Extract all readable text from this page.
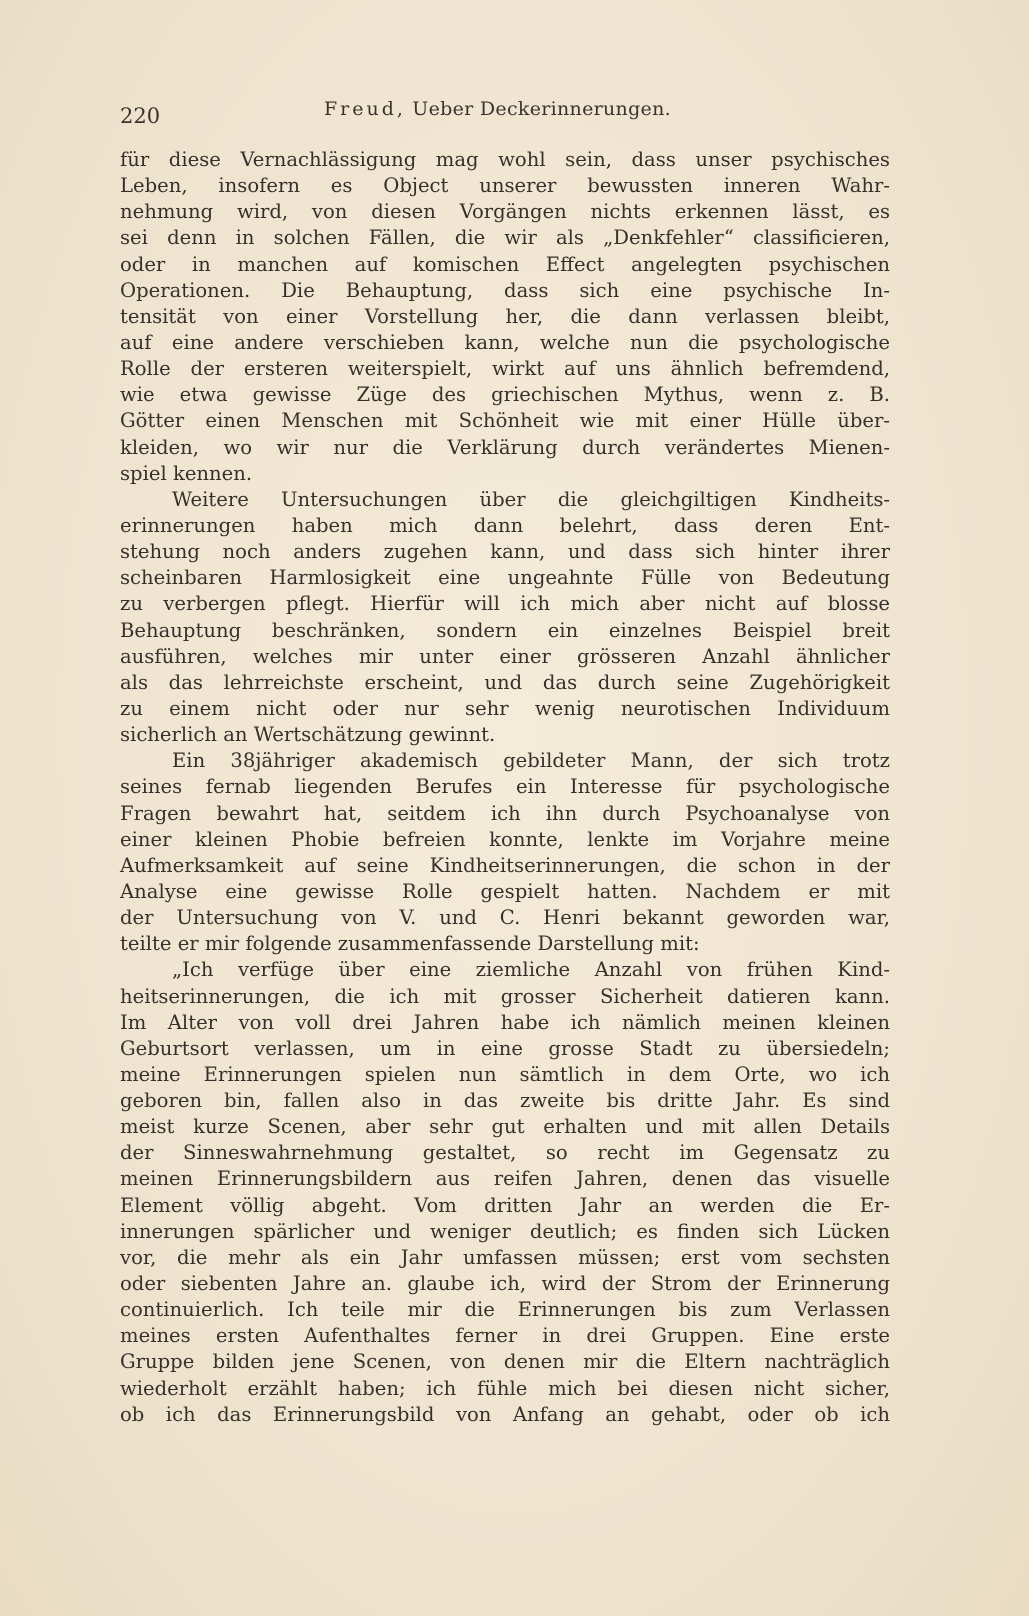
220	Freud, Ueber Deckerinnerungen.
für diese Vernachlässigung mag wohl sein, dass unser psychisches
Leben, insofern es Object unserer bewussten inneren Wahr-
nehmung wird, von diesen Vorgängen nichts erkennen lässt, es
sei denn in solchen Fällen, die wir als „Denkfehler“ classificieren,
oder in manchen auf komischen Effect angelegten psychischen
Operationen. Die Behauptung, dass sich eine psychische In-
tensität von einer Vorstellung her, die dann verlassen bleibt,
auf eine andere verschieben kann, welche nun die psychologische
Rolle der ersteren weiterspielt, wirkt auf uns ähnlich befremdend,
wie etwa gewisse Züge des griechischen Mythus, wenn z. B.
Götter einen Menschen mit Schönheit wie mit einer Hülle über-
kleiden, wo wir nur die Verklärung durch verändertes Mienen-
spiel kennen.
Weitere Untersuchungen über die gleichgiltigen Kindheits-
erinnerungen haben mich dann belehrt, dass deren Ent-
stehung noch anders zugehen kann, und dass sich hinter ihrer
scheinbaren Harmlosigkeit eine ungeahnte Fülle von Bedeutung
zu verbergen pflegt. Hierfür will ich mich aber nicht auf blosse
Behauptung beschränken, sondern ein einzelnes Beispiel breit
ausführen, welches mir unter einer grösseren Anzahl ähnlicher
als das lehrreichste erscheint, und das durch seine Zugehörigkeit
zu einem nicht oder nur sehr wenig neurotischen Individuum
sicherlich an Wertschätzung gewinnt.
Ein 38jähriger akademisch gebildeter Mann, der sich trotz
seines fernab liegenden Berufes ein Interesse für psychologische
Fragen bewahrt hat, seitdem ich ihn durch Psychoanalyse von
einer kleinen Phobie befreien konnte, lenkte im Vorjahre meine
Aufmerksamkeit auf seine Kindheitserinnerungen, die schon in der
Analyse eine gewisse Rolle gespielt hatten. Nachdem er mit
der Untersuchung von V. und C. Henri bekannt geworden war,
teilte er mir folgende zusammenfassende Darstellung mit:
„Ich verfüge über eine ziemliche Anzahl von frühen Kind-
heitserinnerungen, die ich mit grosser Sicherheit datieren kann.
Im Alter von voll drei Jahren habe ich nämlich meinen kleinen
Geburtsort verlassen, um in eine grosse Stadt zu übersiedeln;
meine Erinnerungen spielen nun sämtlich in dem Orte, wo ich
geboren bin, fallen also in das zweite bis dritte Jahr. Es sind
meist kurze Scenen, aber sehr gut erhalten und mit allen Details
der Sinneswahrnehmung gestaltet, so recht im Gegensatz zu
meinen Erinnerungsbildern aus reifen Jahren, denen das visuelle
Element völlig abgeht. Vom dritten Jahr an werden die Er-
innerungen spärlicher und weniger deutlich; es finden sich Lücken
vor, die mehr als ein Jahr umfassen müssen; erst vom sechsten
oder siebenten Jahre an. glaube ich, wird der Strom der Erinnerung
continuierlich. Ich teile mir die Erinnerungen bis zum Verlassen
meines ersten Aufenthaltes ferner in drei Gruppen. Eine erste
Gruppe bilden jene Scenen, von denen mir die Eltern nachträglich
wiederholt erzählt haben; ich fühle mich bei diesen nicht sicher,
ob ich das Erinnerungsbild von Anfang an gehabt, oder ob ich
